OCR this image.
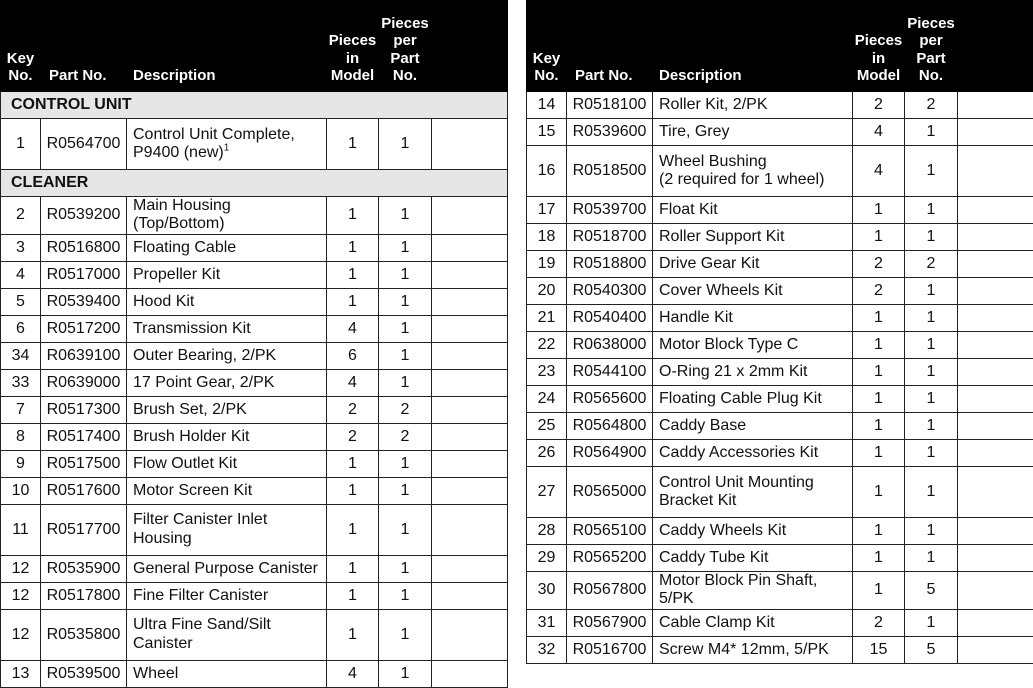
Key
No.	Part No.	Description	Pieces
in
Model	Pieces
per
Part
No.	

CONTROL UNIT					
1	R0564700	Control Unit Complete,
P9400 (new)$^1$	1	1	
CLEANER					
2	R0539200	Main Housing (Top/Bottom)	1	1	
3	R0516800	Floating Cable	1	1	
4	R0517000	Propeller Kit	1	1	
5	R0539400	Hood Kit	1	1	
6	R0517200	Transmission Kit	4	1	
34	R0639100	Outer Bearing, 2/PK	6	1	
33	R0639000	17 Point Gear, 2/PK	4	1	
7	R0517300	Brush Set, 2/PK	2	2	
8	R0517400	Brush Holder Kit	2	2	
9	R0517500	Flow Outlet Kit	1	1	
10	R0517600	Motor Screen Kit	1	1	
11	R0517700	Filter Canister Inlet
Housing	1	1	
12	R0535900	General Purpose Canister	1	1	
12	R0517800	Fine Filter Canister	1	1	
12	R0535800	Ultra Fine Sand/Silt
Canister	1	1	
13	R0539500	Wheel	4	1	
Key
No.	Part No.	Description	Pieces
in
Model	Pieces
per
Part
No.	

14	R0518100	Roller Kit, 2/PK	2	2	
15	R0539600	Tire, Grey	4	1	
16	R0518500	Wheel Bushing
(2 required for 1 wheel)	4	1	
17	R0539700	Float Kit	1	1	
18	R0518700	Roller Support Kit	1	1	
19	R0518800	Drive Gear Kit	2	2	
20	R0540300	Cover Wheels Kit	2	1	
21	R0540400	Handle Kit	1	1	
22	R0638000	Motor Block Type C	1	1	
23	R0544100	O-Ring 21 x 2mm Kit	1	1	
24	R0565600	Floating Cable Plug Kit	1	1	
25	R0564800	Caddy Base	1	1	
26	R0564900	Caddy Accessories Kit	1	1	
27	R0565000	Control Unit Mounting
Bracket Kit	1	1	
28	R0565100	Caddy Wheels Kit	1	1	
29	R0565200	Caddy Tube Kit	1	1	
30	R0567800	Motor Block Pin Shaft, 5/PK	1	5	
31	R0567900	Cable Clamp Kit	2	1	
32	R0516700	Screw M4* 12mm, 5/PK	15	5	
